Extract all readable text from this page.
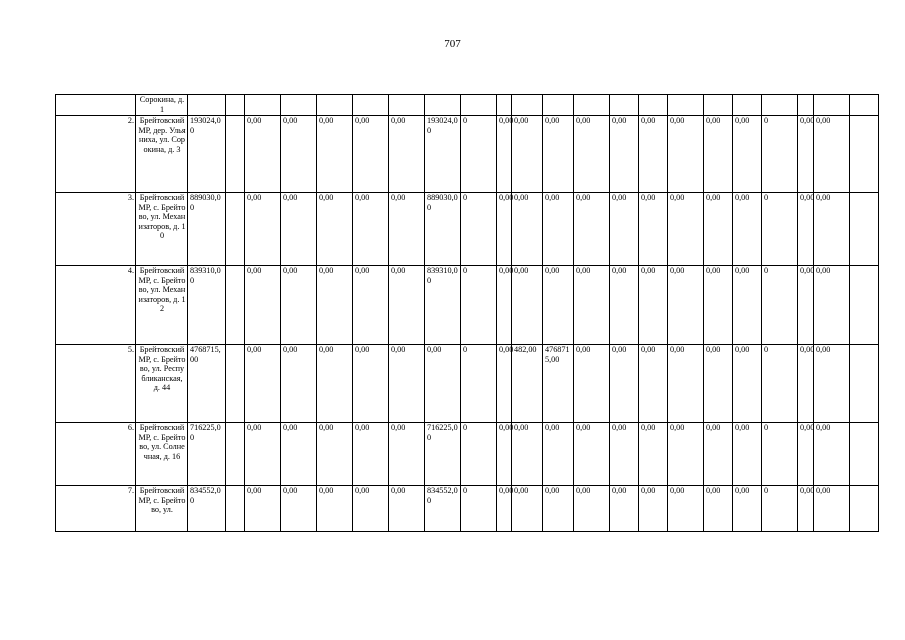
707
	Сорокина, д. 1																						
2.	Брейтовский МР, дер. Ульяниха, ул. Сорокина, д. 3	193024,00		0,00	0,00	0,00	0,00	0,00	193024,00	0	0,00	0,00	0,00	0,00	0,00	0,00	0,00	0,00	0,00	0	0,00	0,00	
3.	Брейтовский МР, с. Брейтово, ул. Механизаторов, д. 10	889030,00		0,00	0,00	0,00	0,00	0,00	889030,00	0	0,00	0,00	0,00	0,00	0,00	0,00	0,00	0,00	0,00	0	0,00	0,00	
4.	Брейтовский МР, с. Брейтово, ул. Механизаторов, д. 12	839310,00		0,00	0,00	0,00	0,00	0,00	839310,00	0	0,00	0,00	0,00	0,00	0,00	0,00	0,00	0,00	0,00	0	0,00	0,00	
5.	Брейтовский МР, с. Брейтово, ул. Республиканская, д. 44	4768715,00		0,00	0,00	0,00	0,00	0,00	0,00	0	0,00	482,00	4768715,00	0,00	0,00	0,00	0,00	0,00	0,00	0	0,00	0,00	
6.	Брейтовский МР, с. Брейтово, ул. Солнечная, д. 16	716225,00		0,00	0,00	0,00	0,00	0,00	716225,00	0	0,00	0,00	0,00	0,00	0,00	0,00	0,00	0,00	0,00	0	0,00	0,00	
7.	Брейтовский МР, с. Брейтово, ул.	834552,00		0,00	0,00	0,00	0,00	0,00	834552,00	0	0,00	0,00	0,00	0,00	0,00	0,00	0,00	0,00	0,00	0	0,00	0,00	
